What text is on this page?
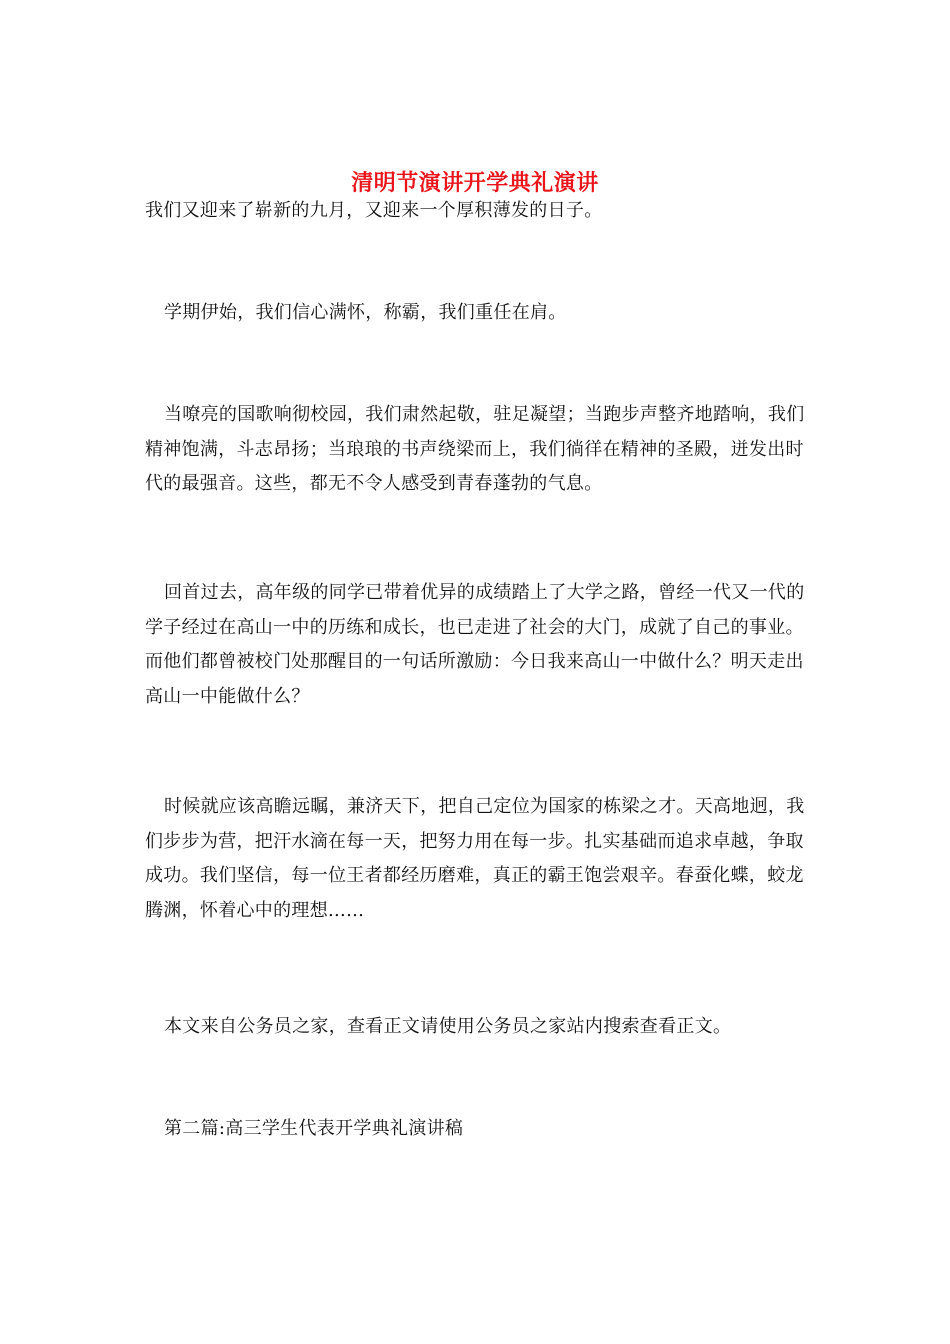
清明节演讲开学典礼演讲

我们又迎来了崭新的九月，又迎来一个厚积薄发的日子。

学期伊始，我们信心满怀，称霸，我们重任在肩。

当嘹亮的国歌响彻校园，我们肃然起敬，驻足凝望；当跑步声整齐地踏响，我们精神饱满，斗志昂扬；当琅琅的书声绕梁而上，我们徜徉在精神的圣殿，迸发出时代的最强音。这些，都无不令人感受到青春蓬勃的气息。

回首过去，高年级的同学已带着优异的成绩踏上了大学之路，曾经一代又一代的学子经过在高山一中的历练和成长，也已走进了社会的大门，成就了自己的事业。而他们都曾被校门处那醒目的一句话所激励：今日我来高山一中做什么？明天走出高山一中能做什么？

时候就应该高瞻远瞩，兼济天下，把自己定位为国家的栋梁之才。天高地迥，我们步步为营，把汗水滴在每一天，把努力用在每一步。扎实基础而追求卓越，争取成功。我们坚信，每一位王者都经历磨难，真正的霸王饱尝艰辛。春蚕化蝶，蛟龙腾渊，怀着心中的理想......

本文来自公务员之家，查看正文请使用公务员之家站内搜索查看正文。

第二篇:高三学生代表开学典礼演讲稿
